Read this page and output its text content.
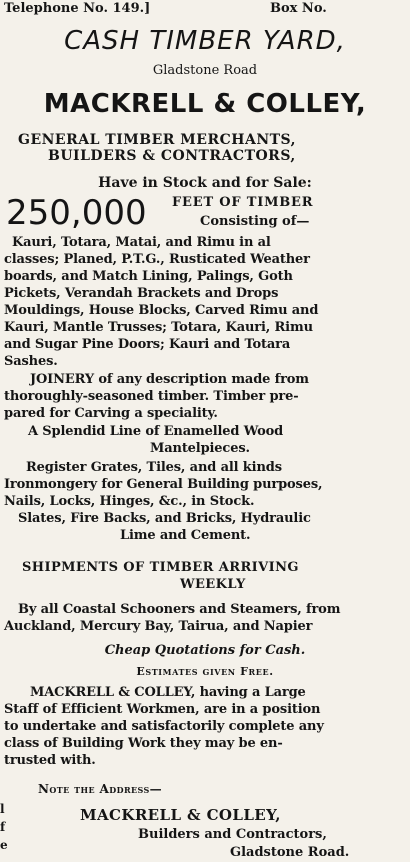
Telephone No. 149.]	Box No.
CASH TIMBER YARD,
Gladstone Road
MACKRELL & COLLEY,
GENERAL TIMBER MERCHANTS,
BUILDERS & CONTRACTORS,
Have in Stock and for Sale:
250,000 FEET OF TIMBER
Consisting of—
Kauri, Totara, Matai, and Rimu in al
classes; Planed, P.T.G., Rusticated Weather
boards, and Match Lining, Palings, Goth
Pickets, Verandah Brackets and Drops
Mouldings, House Blocks, Carved Rimu and
Kauri, Mantle Trusses; Totara, Kauri, Rimu
and Sugar Pine Doors; Kauri and Totara
Sashes.
JOINERY of any description made from
thoroughly-seasoned timber. Timber pre-
pared for Carving a speciality.
A Splendid Line of Enamelled Wood
Mantelpieces.
Register Grates, Tiles, and all kinds
Ironmongery for General Building purposes,
Nails, Locks, Hinges, &c., in Stock.
Slates, Fire Backs, and Bricks, Hydraulic
Lime and Cement.
SHIPMENTS OF TIMBER ARRIVING
WEEKLY
By all Coastal Schooners and Steamers, from
Auckland, Mercury Bay, Tairua, and Napier
Cheap Quotations for Cash.
Estimates given Free.
MACKRELL & COLLEY, having a Large
Staff of Efficient Workmen, are in a position
to undertake and satisfactorily complete any
class of Building Work they may be en-
trusted with.
Note the Address—
MACKRELL & COLLEY,
Builders and Contractors,
Gladstone Road.
l
f
e
